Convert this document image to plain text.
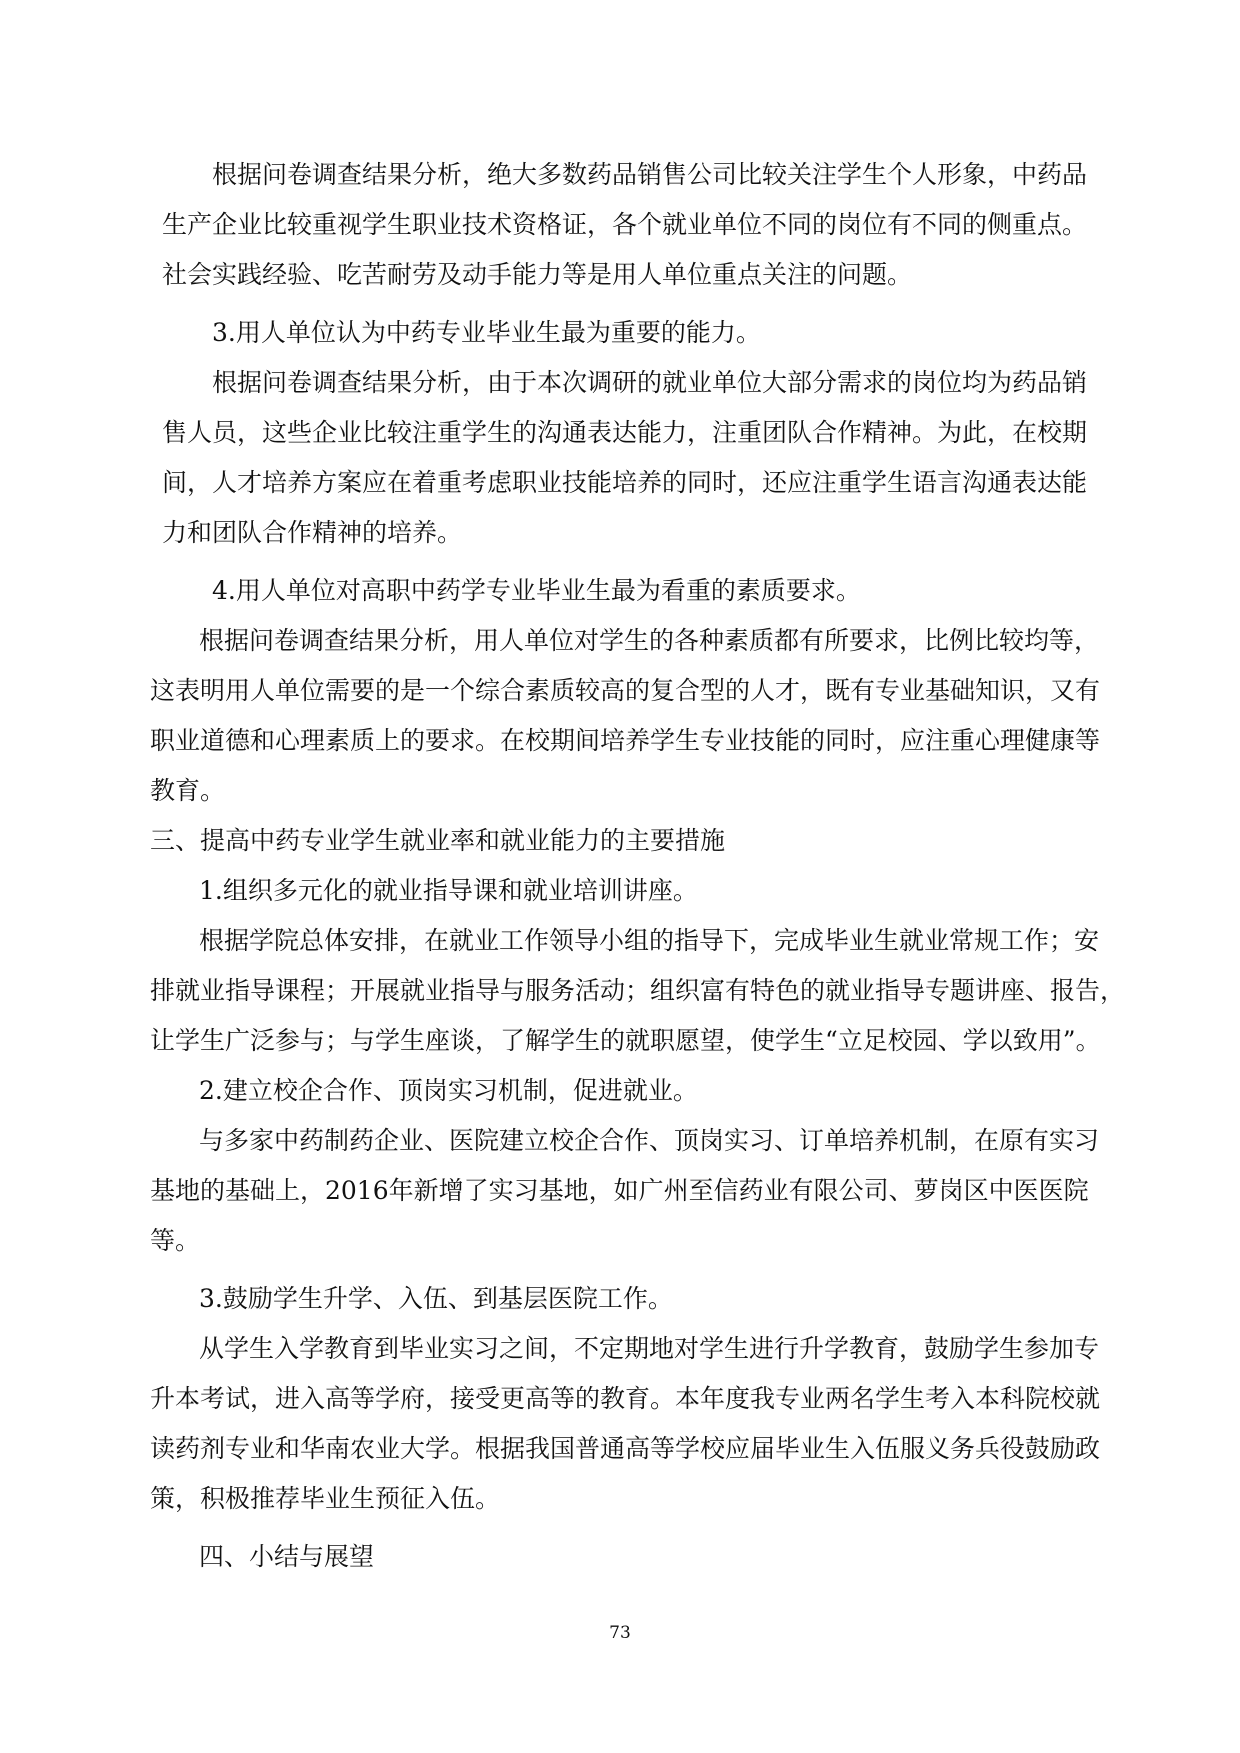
根据问卷调查结果分析，绝大多数药品销售公司比较关注学生个人形象，中药品
生产企业比较重视学生职业技术资格证，各个就业单位不同的岗位有不同的侧重点。
社会实践经验、吃苦耐劳及动手能力等是用人单位重点关注的问题。
3.用人单位认为中药专业毕业生最为重要的能力。
根据问卷调查结果分析，由于本次调研的就业单位大部分需求的岗位均为药品销
售人员，这些企业比较注重学生的沟通表达能力，注重团队合作精神。为此，在校期
间，人才培养方案应在着重考虑职业技能培养的同时，还应注重学生语言沟通表达能
力和团队合作精神的培养。
4.用人单位对高职中药学专业毕业生最为看重的素质要求。
根据问卷调查结果分析，用人单位对学生的各种素质都有所要求，比例比较均等，
这表明用人单位需要的是一个综合素质较高的复合型的人才，既有专业基础知识，又有
职业道德和心理素质上的要求。在校期间培养学生专业技能的同时，应注重心理健康等
教育。
三、提高中药专业学生就业率和就业能力的主要措施
1.组织多元化的就业指导课和就业培训讲座。
根据学院总体安排，在就业工作领导小组的指导下，完成毕业生就业常规工作；安
排就业指导课程；开展就业指导与服务活动；组织富有特色的就业指导专题讲座、报告，
让学生广泛参与；与学生座谈，了解学生的就职愿望，使学生“立足校园、学以致用”。
2.建立校企合作、顶岗实习机制，促进就业。
与多家中药制药企业、医院建立校企合作、顶岗实习、订单培养机制，在原有实习
基地的基础上，2016年新增了实习基地，如广州至信药业有限公司、萝岗区中医医院
等。
3.鼓励学生升学、入伍、到基层医院工作。
从学生入学教育到毕业实习之间，不定期地对学生进行升学教育，鼓励学生参加专
升本考试，进入高等学府，接受更高等的教育。本年度我专业两名学生考入本科院校就
读药剂专业和华南农业大学。根据我国普通高等学校应届毕业生入伍服义务兵役鼓励政
策，积极推荐毕业生预征入伍。
四、小结与展望
73
